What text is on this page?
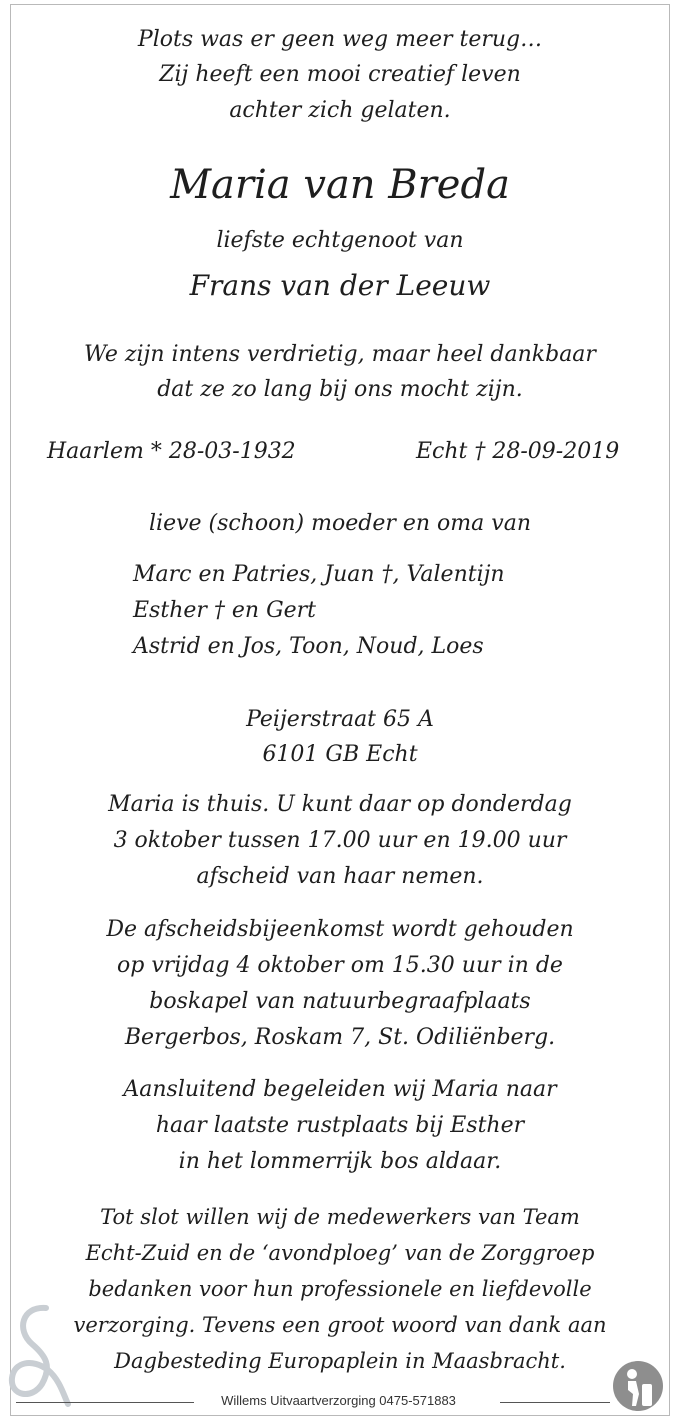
Plots was er geen weg meer terug…

Zij heeft een mooi creatief leven

achter zich gelaten.

Maria van Breda

liefste echtgenoot van

Frans van der Leeuw

We zijn intens verdrietig, maar heel dankbaar

dat ze zo lang bij ons mocht zijn.

Haarlem * 28-03-1932	Echt † 28-09-2019

lieve (schoon) moeder en oma van

Marc en Patries, Juan †, Valentijn

Esther † en Gert

Astrid en Jos, Toon, Noud, Loes

Peijerstraat 65 A

6101 GB Echt

Maria is thuis. U kunt daar op donderdag

3 oktober tussen 17.00 uur en 19.00 uur

afscheid van haar nemen.

De afscheidsbijeenkomst wordt gehouden

op vrijdag 4 oktober om 15.30 uur in de

boskapel van natuurbegraafplaats

Bergerbos, Roskam 7, St. Odiliënberg.

Aansluitend begeleiden wij Maria naar

haar laatste rustplaats bij Esther

in het lommerrijk bos aldaar.

Tot slot willen wij de medewerkers van Team

Echt-Zuid en de ‘avondploeg’ van de Zorggroep

bedanken voor hun professionele en liefdevolle

verzorging. Tevens een groot woord van dank aan

Dagbesteding Europaplein in Maasbracht.

Willems Uitvaartverzorging 0475-571883
